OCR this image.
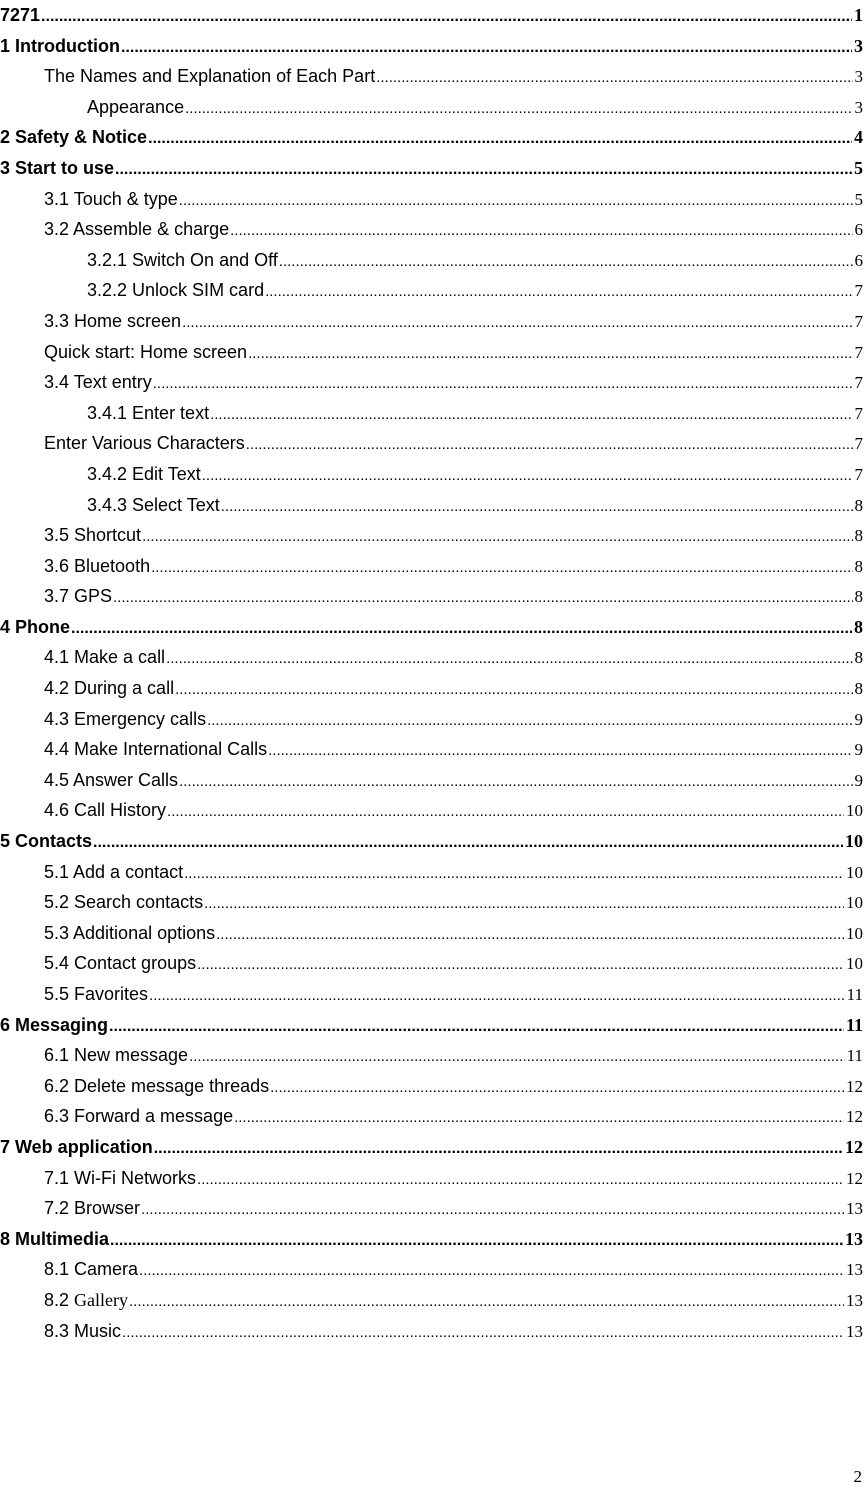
7271 .....	1
1 Introduction .....	3
The Names and Explanation of Each Part .....	3
Appearance .....	3
2 Safety & Notice .....	4
3 Start to use .....	5
3.1 Touch & type .....	5
3.2 Assemble & charge .....	6
3.2.1 Switch On and Off .....	6
3.2.2 Unlock SIM card .....	7
3.3 Home screen .....	7
Quick start: Home screen .....	7
3.4 Text entry .....	7
3.4.1 Enter text .....	7
Enter Various Characters .....	7
3.4.2 Edit Text .....	7
3.4.3 Select Text .....	8
3.5 Shortcut .....	8
3.6 Bluetooth .....	8
3.7 GPS .....	8
4 Phone .....	8
4.1 Make a call .....	8
4.2 During a call .....	8
4.3 Emergency calls .....	9
4.4 Make International Calls .....	9
4.5 Answer Calls .....	9
4.6 Call History .....	10
5 Contacts .....	10
5.1 Add a contact .....	10
5.2 Search contacts .....	10
5.3 Additional options .....	10
5.4 Contact groups .....	10
5.5 Favorites .....	11
6 Messaging .....	11
6.1 New message .....	11
6.2 Delete message threads .....	12
6.3 Forward a message .....	12
7 Web application .....	12
7.1 Wi-Fi Networks .....	12
7.2 Browser .....	13
8 Multimedia .....	13
8.1 Camera .....	13
8.2 Gallery .....	13
8.3 Music .....	13
2
